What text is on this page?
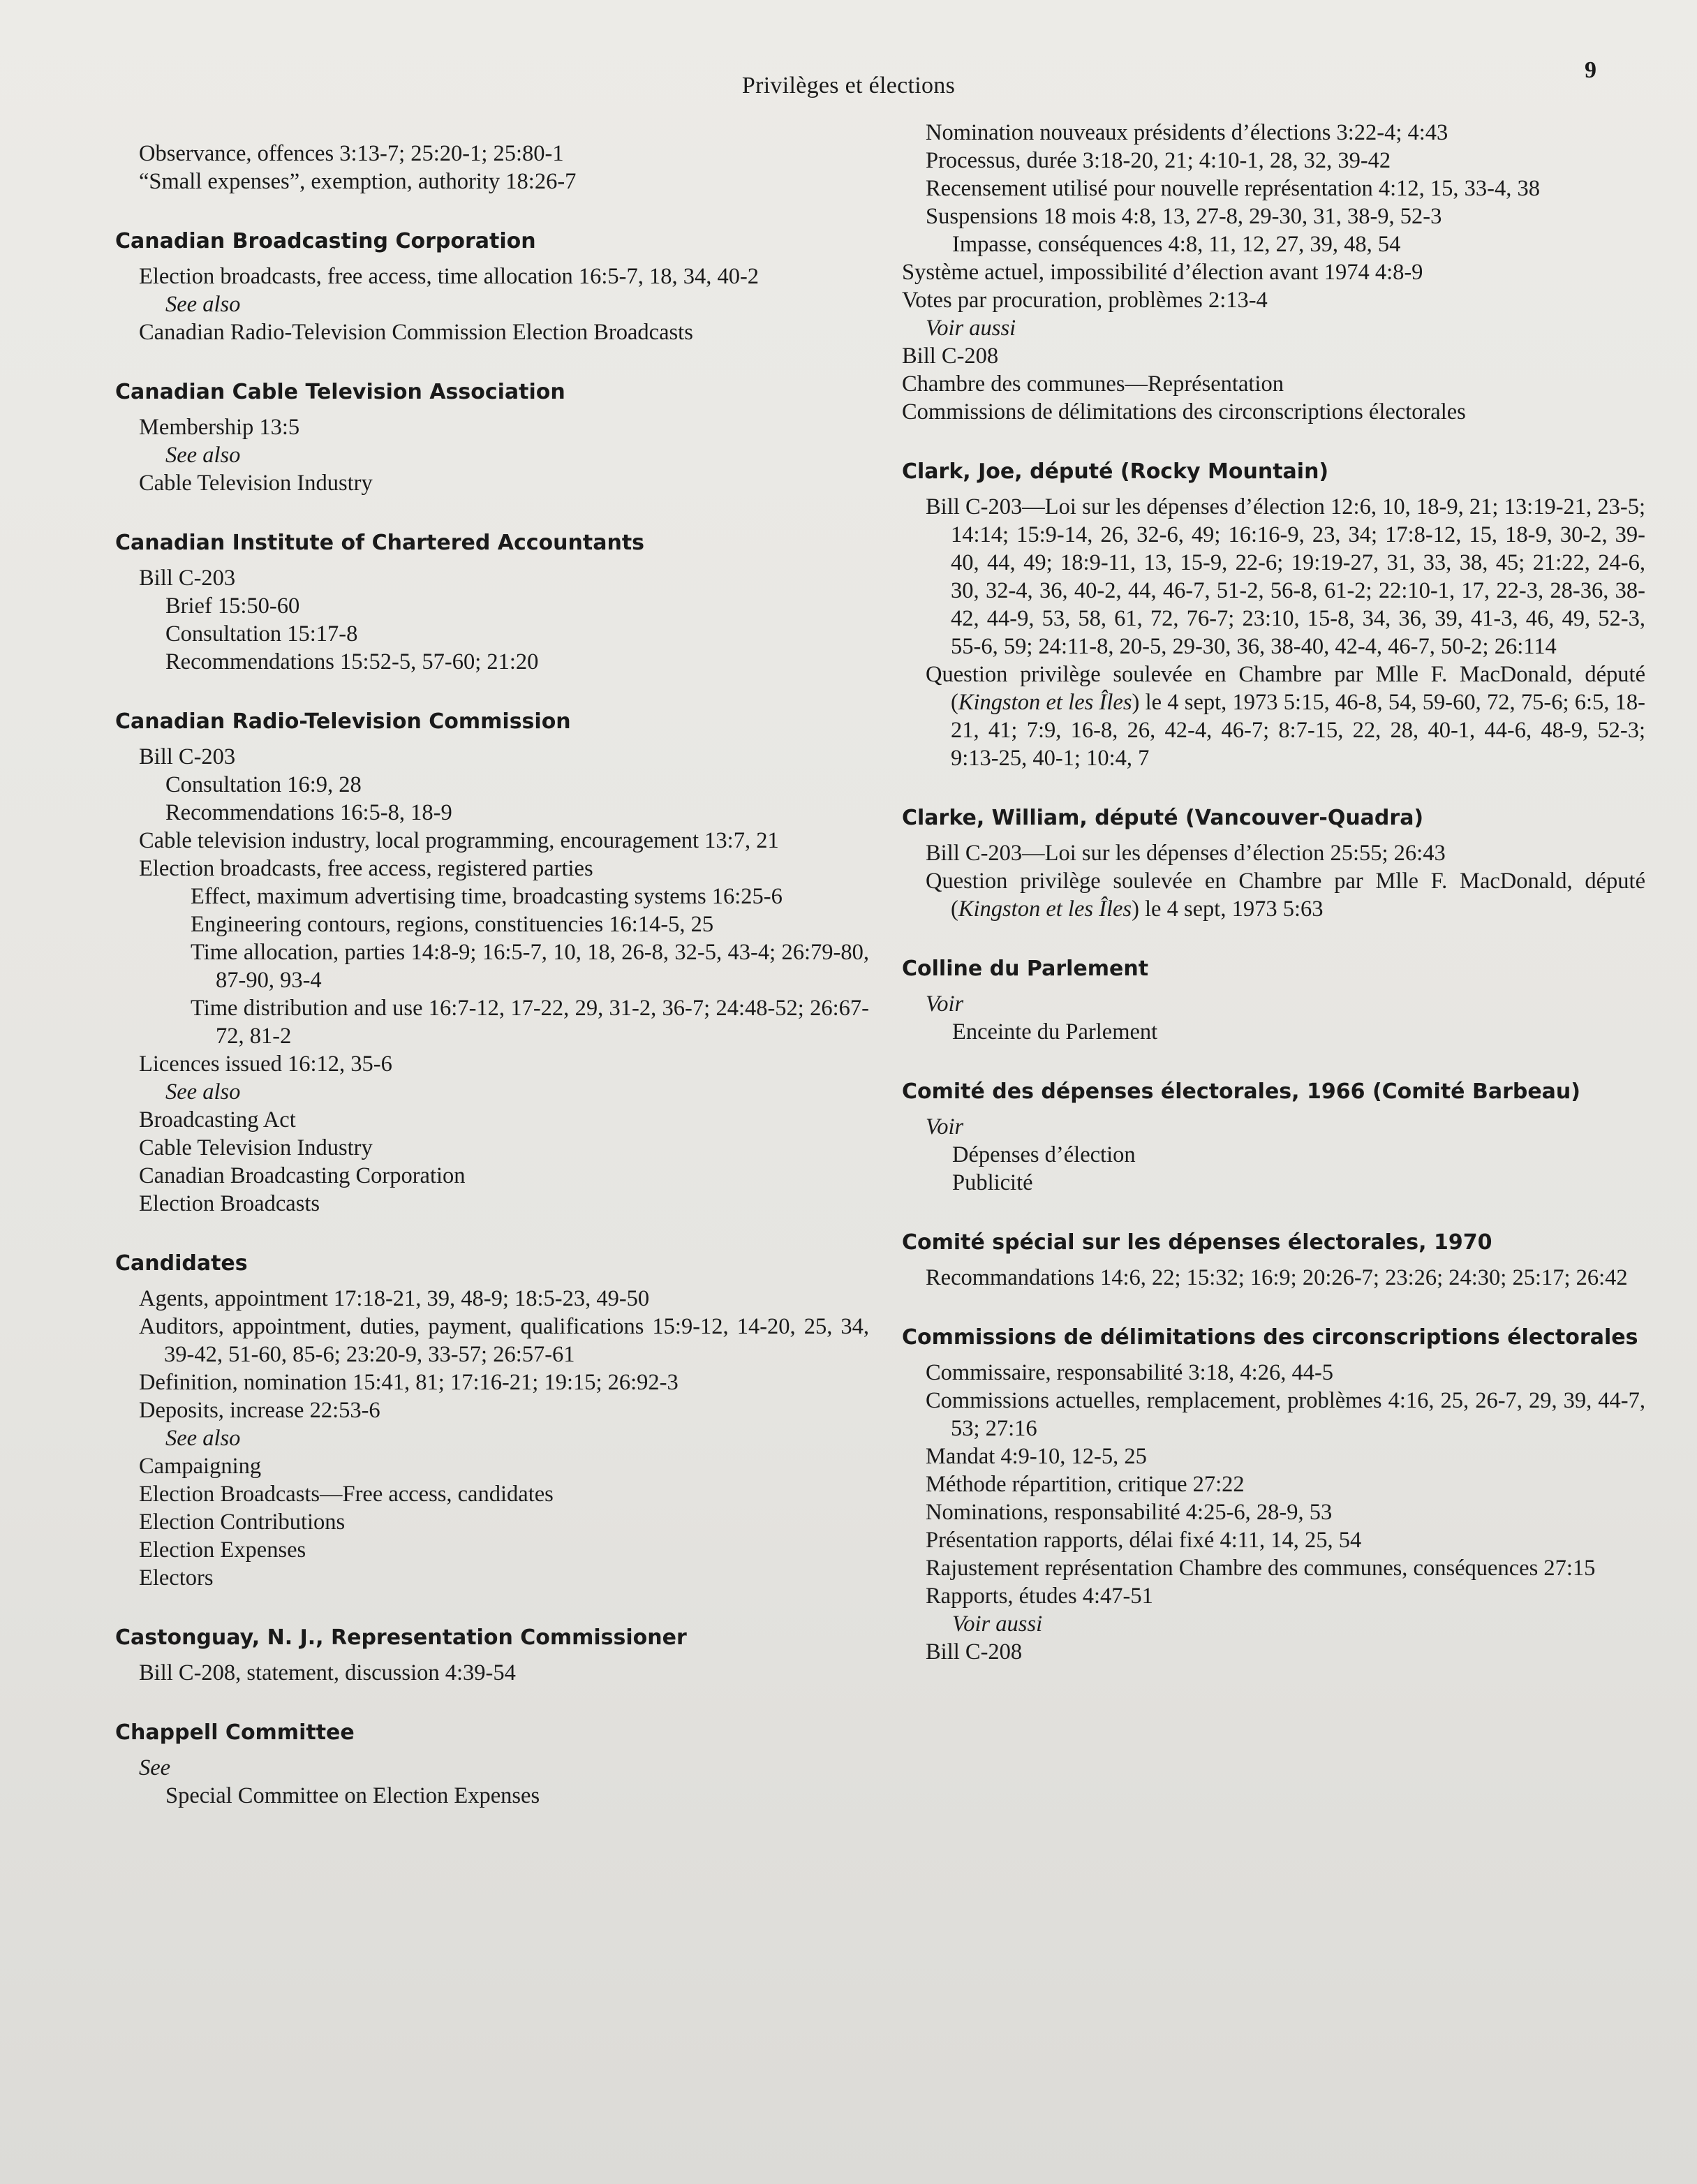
Privilèges et élections
9
Observance, offences 3:13-7; 25:20-1; 25:80-1
“Small expenses”, exemption, authority 18:26-7
Canadian Broadcasting Corporation
Election broadcasts, free access, time allocation 16:5-7, 18, 34, 40-2
See also
Canadian Radio-Television Commission Election Broadcasts
Canadian Cable Television Association
Membership 13:5
See also
Cable Television Industry
Canadian Institute of Chartered Accountants
Bill C-203
Brief 15:50-60
Consultation 15:17-8
Recommendations 15:52-5, 57-60; 21:20
Canadian Radio-Television Commission
Bill C-203
Consultation 16:9, 28
Recommendations 16:5-8, 18-9
Cable television industry, local programming, encouragement 13:7, 21
Election broadcasts, free access, registered parties
Effect, maximum advertising time, broadcasting systems 16:25-6
Engineering contours, regions, constituencies 16:14-5, 25
Time allocation, parties 14:8-9; 16:5-7, 10, 18, 26-8, 32-5, 43-4; 26:79-80, 87-90, 93-4
Time distribution and use 16:7-12, 17-22, 29, 31-2, 36-7; 24:48-52; 26:67-72, 81-2
Licences issued 16:12, 35-6
See also
Broadcasting Act
Cable Television Industry
Canadian Broadcasting Corporation
Election Broadcasts
Candidates
Agents, appointment 17:18-21, 39, 48-9; 18:5-23, 49-50
Auditors, appointment, duties, payment, qualifications 15:9-12, 14-20, 25, 34, 39-42, 51-60, 85-6; 23:20-9, 33-57; 26:57-61
Definition, nomination 15:41, 81; 17:16-21; 19:15; 26:92-3
Deposits, increase 22:53-6
See also
Campaigning
Election Broadcasts—Free access, candidates
Election Contributions
Election Expenses
Electors
Castonguay, N. J., Representation Commissioner
Bill C-208, statement, discussion 4:39-54
Chappell Committee
See
Special Committee on Election Expenses
Nomination nouveaux présidents d’élections 3:22-4; 4:43
Processus, durée 3:18-20, 21; 4:10-1, 28, 32, 39-42
Recensement utilisé pour nouvelle représentation 4:12, 15, 33-4, 38
Suspensions 18 mois 4:8, 13, 27-8, 29-30, 31, 38-9, 52-3
Impasse, conséquences 4:8, 11, 12, 27, 39, 48, 54
Système actuel, impossibilité d’élection avant 1974 4:8-9
Votes par procuration, problèmes 2:13-4
Voir aussi
Bill C-208
Chambre des communes—Représentation
Commissions de délimitations des circonscriptions électorales
Clark, Joe, député (Rocky Mountain)
Bill C-203—Loi sur les dépenses d’élection 12:6, 10, 18-9, 21; 13:19-21, 23-5; 14:14; 15:9-14, 26, 32-6, 49; 16:16-9, 23, 34; 17:8-12, 15, 18-9, 30-2, 39-40, 44, 49; 18:9-11, 13, 15-9, 22-6; 19:19-27, 31, 33, 38, 45; 21:22, 24-6, 30, 32-4, 36, 40-2, 44, 46-7, 51-2, 56-8, 61-2; 22:10-1, 17, 22-3, 28-36, 38-42, 44-9, 53, 58, 61, 72, 76-7; 23:10, 15-8, 34, 36, 39, 41-3, 46, 49, 52-3, 55-6, 59; 24:11-8, 20-5, 29-30, 36, 38-40, 42-4, 46-7, 50-2; 26:114
Question privilège soulevée en Chambre par Mlle F. MacDonald, député (Kingston et les Îles) le 4 sept, 1973 5:15, 46-8, 54, 59-60, 72, 75-6; 6:5, 18-21, 41; 7:9, 16-8, 26, 42-4, 46-7; 8:7-15, 22, 28, 40-1, 44-6, 48-9, 52-3; 9:13-25, 40-1; 10:4, 7
Clarke, William, député (Vancouver-Quadra)
Bill C-203—Loi sur les dépenses d’élection 25:55; 26:43
Question privilège soulevée en Chambre par Mlle F. MacDonald, député (Kingston et les Îles) le 4 sept, 1973 5:63
Colline du Parlement
Voir
Enceinte du Parlement
Comité des dépenses électorales, 1966 (Comité Barbeau)
Voir
Dépenses d’élection
Publicité
Comité spécial sur les dépenses électorales, 1970
Recommandations 14:6, 22; 15:32; 16:9; 20:26-7; 23:26; 24:30; 25:17; 26:42
Commissions de délimitations des circonscriptions électorales
Commissaire, responsabilité 3:18, 4:26, 44-5
Commissions actuelles, remplacement, problèmes 4:16, 25, 26-7, 29, 39, 44-7, 53; 27:16
Mandat 4:9-10, 12-5, 25
Méthode répartition, critique 27:22
Nominations, responsabilité 4:25-6, 28-9, 53
Présentation rapports, délai fixé 4:11, 14, 25, 54
Rajustement représentation Chambre des communes, conséquences 27:15
Rapports, études 4:47-51
Voir aussi
Bill C-208
